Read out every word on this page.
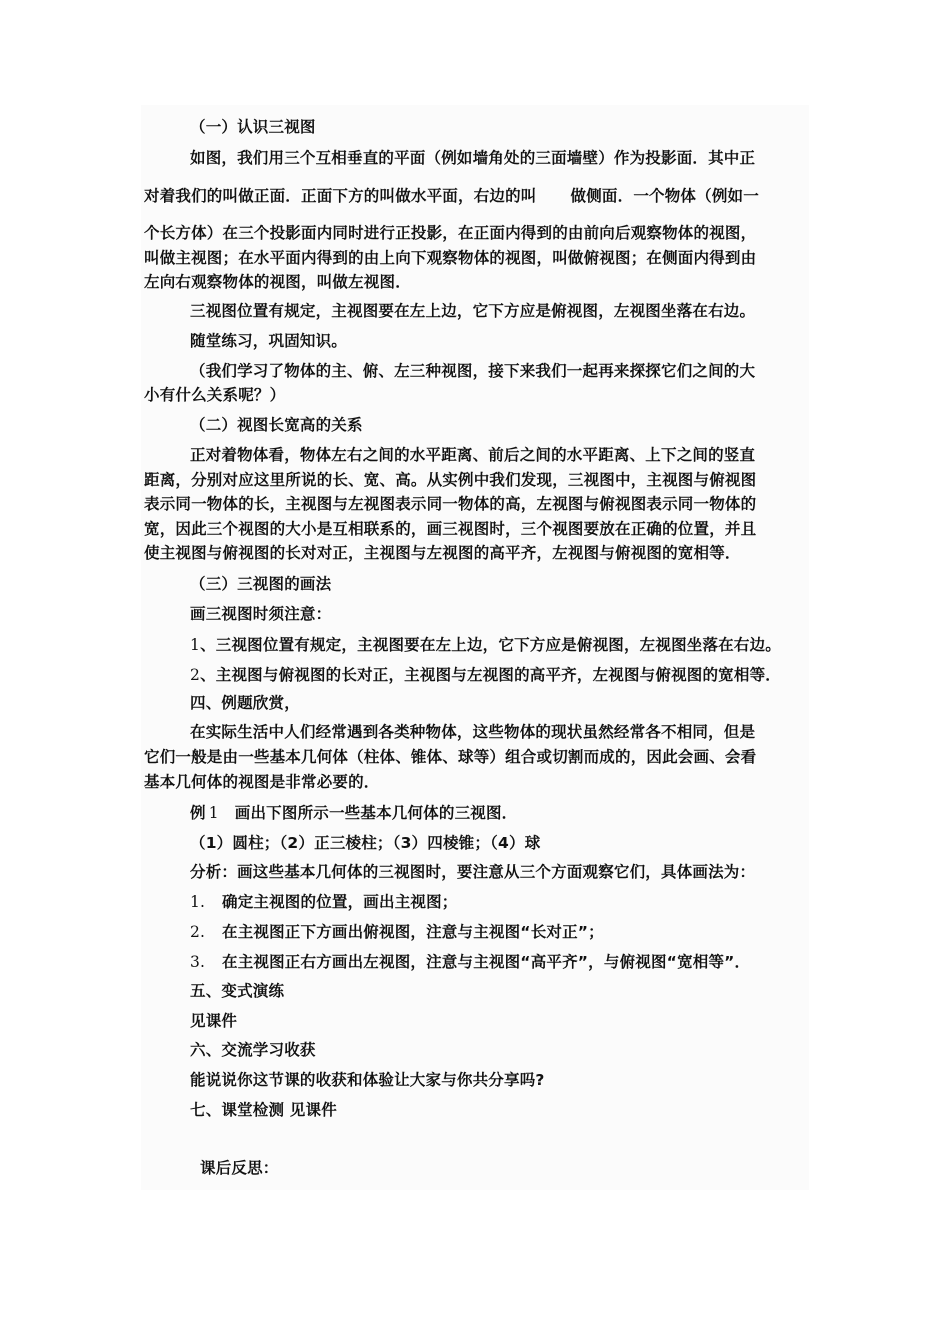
（一）认识三视图
如图，我们用三个互相垂直的平面（例如墙角处的三面墙壁）作为投影面．其中正
对着我们的叫做正面．正面下方的叫做水平面，右边的叫 做侧面．一个物体（例如一
个长方体）在三个投影面内同时进行正投影，在正面内得到的由前向后观察物体的视图，
叫做主视图；在水平面内得到的由上向下观察物体的视图，叫做俯视图；在侧面内得到由
左向右观察物体的视图，叫做左视图．
三视图位置有规定，主视图要在左上边，它下方应是俯视图，左视图坐落在右边。
随堂练习，巩固知识。
（我们学习了物体的主、俯、左三种视图，接下来我们一起再来探探它们之间的大
小有什么关系呢？）
（二）视图长宽高的关系
正对着物体看，物体左右之间的水平距离、前后之间的水平距离、上下之间的竖直
距离，分别对应这里所说的长、宽、高。从实例中我们发现，三视图中，主视图与俯视图
表示同一物体的长，主视图与左视图表示同一物体的高，左视图与俯视图表示同一物体的
宽，因此三个视图的大小是互相联系的，画三视图时，三个视图要放在正确的位置，并且
使主视图与俯视图的长对对正，主视图与左视图的高平齐，左视图与俯视图的宽相等．
（三）三视图的画法
画三视图时须注意：
1、三视图位置有规定，主视图要在左上边，它下方应是俯视图，左视图坐落在右边。
2、主视图与俯视图的长对正，主视图与左视图的高平齐，左视图与俯视图的宽相等．
四、例题欣赏，
在实际生活中人们经常遇到各类种物体，这些物体的现状虽然经常各不相同，但是
它们一般是由一些基本几何体（柱体、锥体、球等）组合或切割而成的，因此会画、会看
基本几何体的视图是非常必要的．
例 1 画出下图所示一些基本几何体的三视图．
（1）圆柱；（2）正三棱柱；（3）四棱锥；（4）球
分析：画这些基本几何体的三视图时，要注意从三个方面观察它们，具体画法为：
1. 确定主视图的位置，画出主视图；
2. 在主视图正下方画出俯视图，注意与主视图“长对正”；
3. 在主视图正右方画出左视图，注意与主视图“高平齐”，与俯视图“宽相等”．
五、变式演练
见课件
六、交流学习收获
能说说你这节课的收获和体验让大家与你共分享吗?
七、课堂检测 见课件
课后反思：
